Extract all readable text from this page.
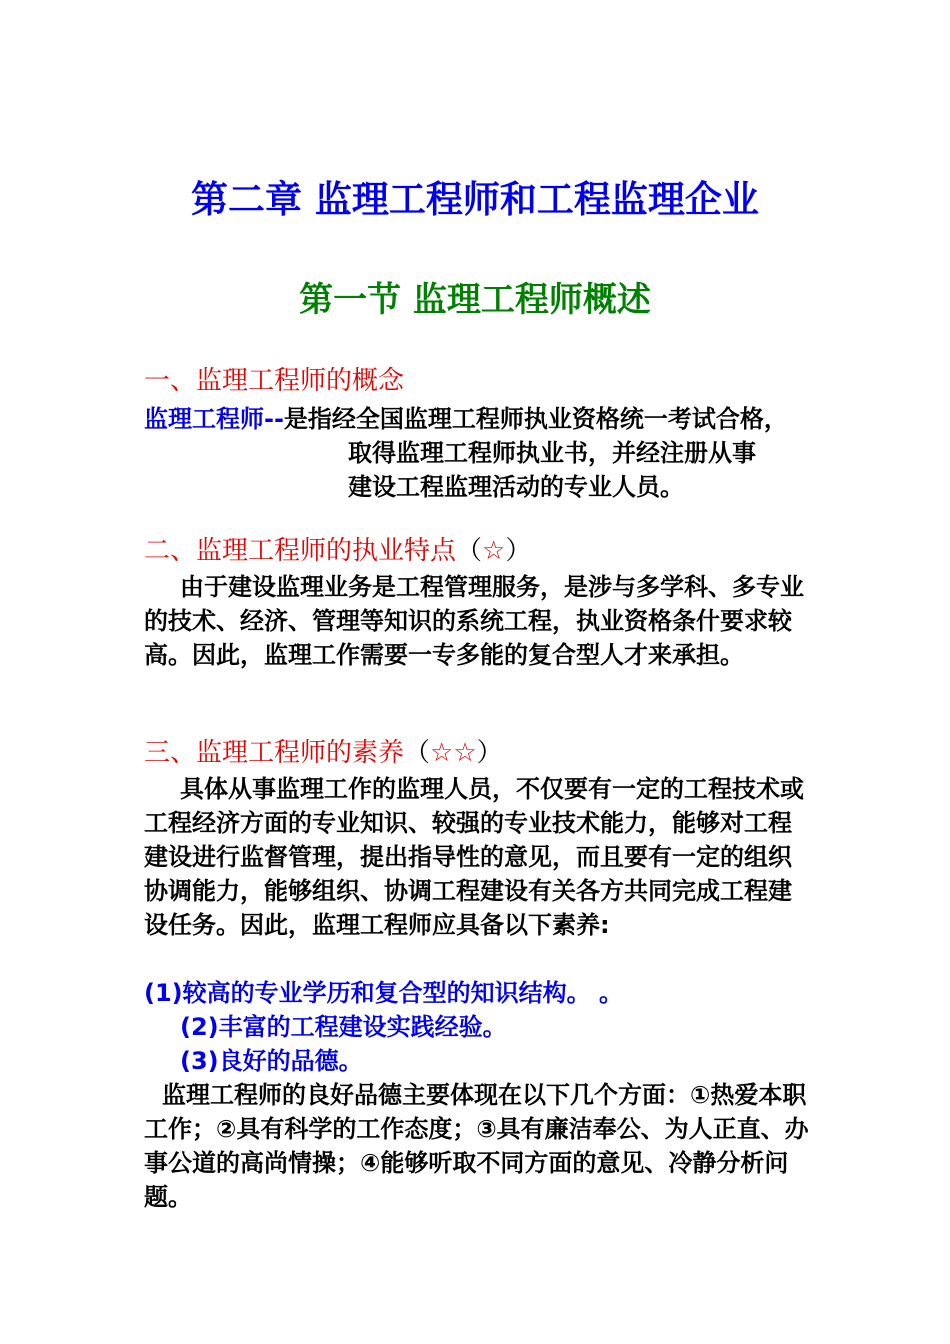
第二章 监理工程师和工程监理企业
第一节 监理工程师概述
一、监理工程师的概念
监理工程师--是指经全国监理工程师执业资格统一考试合格，
取得监理工程师执业书，并经注册从事
建设工程监理活动的专业人员。
二、监理工程师的执业特点（☆）

由于建设监理业务是工程管理服务，是涉与多学科、多专业的技术、经济、管理等知识的系统工程，执业资格条什要求较高。因此，监理工作需要一专多能的复合型人才来承担。

三、监理工程师的素养（☆☆）

具体从事监理工作的监理人员，不仅要有一定的工程技术或工程经济方面的专业知识、较强的专业技术能力，能够对工程建设进行监督管理，提出指导性的意见，而且要有一定的组织协调能力，能够组织、协调工程建设有关各方共同完成工程建设任务。因此，监理工程师应具备以下素养:

(1)较高的专业学历和复合型的知识结构。 。
(2)丰富的工程建设实践经验。
(3)良好的品德。

监理工程师的良好品德主要体现在以下几个方面：①热爱本职工作；②具有科学的工作态度；③具有廉洁奉公、为人正直、办事公道的高尚情操；④能够听取不同方面的意见、冷静分析问题。
